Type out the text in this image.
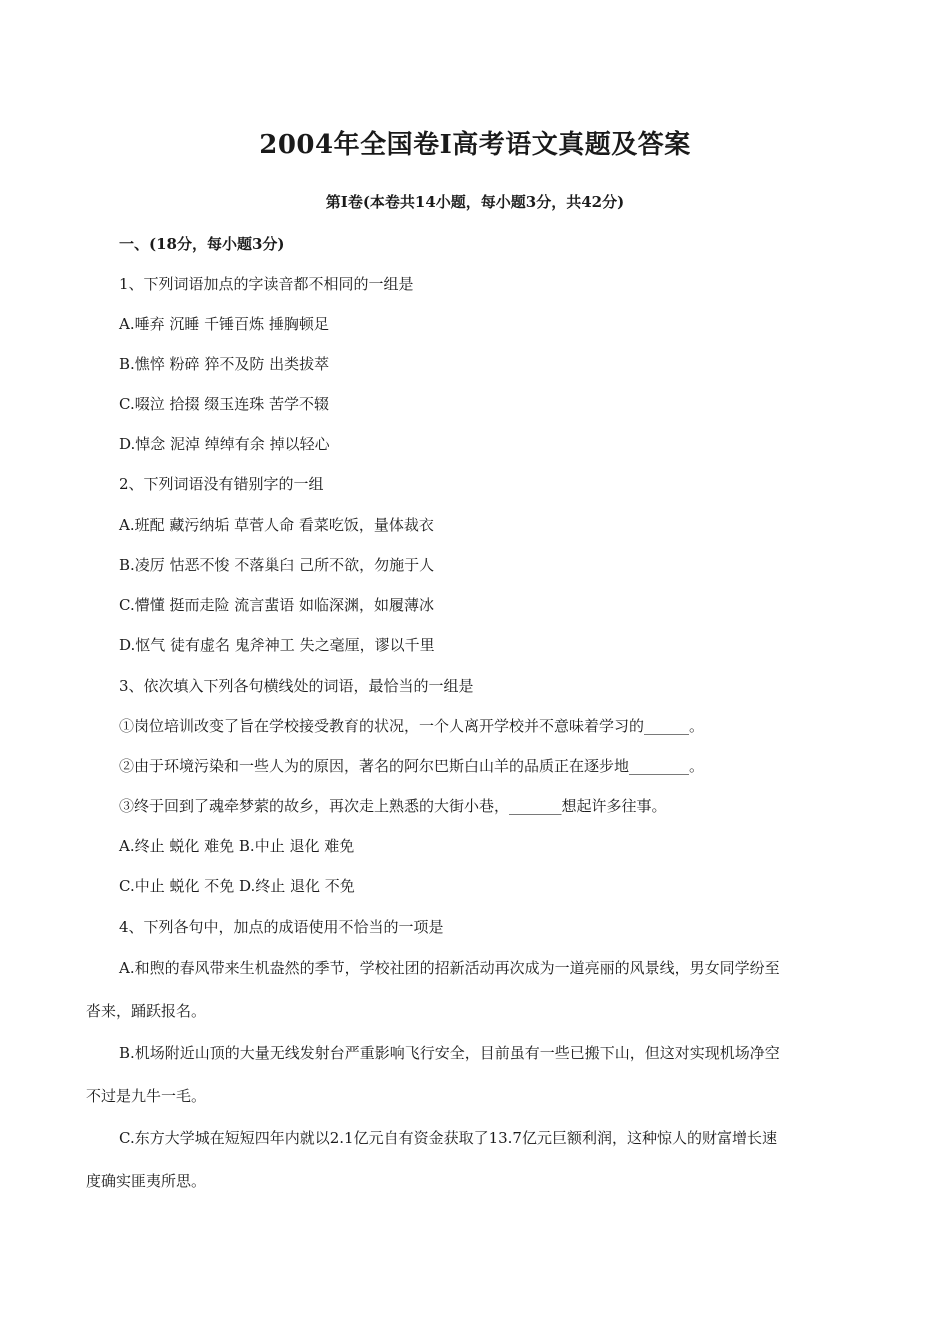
2004年全国卷Ⅰ高考语文真题及答案
第Ⅰ卷(本卷共14小题，每小题3分，共42分)
一、(18分，每小题3分)
1、下列词语加点的字读音都不相同的一组是
A.唾弃 沉睡 千锤百炼 捶胸顿足
B.憔悴 粉碎 猝不及防 出类拔萃
C.啜泣 拾掇 缀玉连珠 苦学不辍
D.悼念 泥淖 绰绰有余 掉以轻心
2、下列词语没有错别字的一组
A.班配 藏污纳垢 草菅人命 看菜吃饭，量体裁衣
B.凌厉 怙恶不悛 不落巢臼 己所不欲，勿施于人
C.懵懂 挺而走险 流言蜚语 如临深渊，如履薄冰
D.怄气 徒有虚名 鬼斧神工 失之毫厘，谬以千里
3、依次填入下列各句横线处的词语，最恰当的一组是
①岗位培训改变了旨在学校接受教育的状况，一个人离开学校并不意味着学习的______。
②由于环境污染和一些人为的原因，著名的阿尔巴斯白山羊的品质正在逐步地________。
③终于回到了魂牵梦萦的故乡，再次走上熟悉的大街小巷，_______想起许多往事。
A.终止 蜕化 难免 B.中止 退化 难免
C.中止 蜕化 不免 D.终止 退化 不免
4、下列各句中，加点的成语使用不恰当的一项是
A.和煦的春风带来生机盎然的季节，学校社团的招新活动再次成为一道亮丽的风景线，男女同学纷至
沓来，踊跃报名。
B.机场附近山顶的大量无线发射台严重影响飞行安全，目前虽有一些已搬下山，但这对实现机场净空
不过是九牛一毛。
C.东方大学城在短短四年内就以2.1亿元自有资金获取了13.7亿元巨额利润，这种惊人的财富增长速
度确实匪夷所思。
